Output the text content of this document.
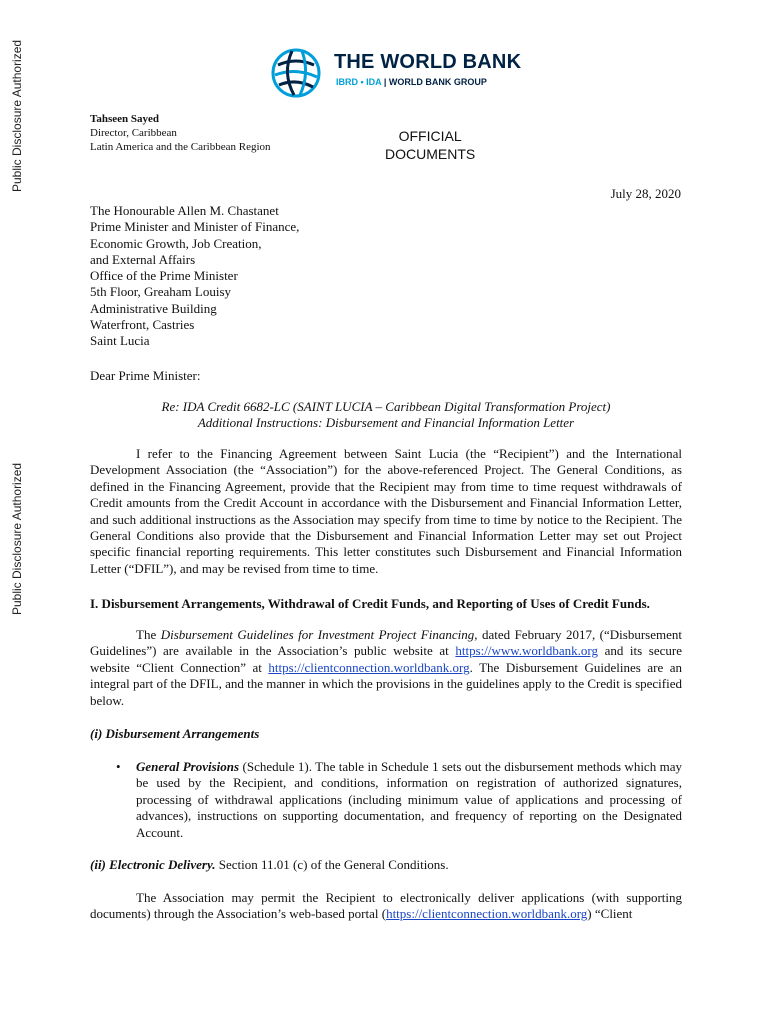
Public Disclosure Authorized
Public Disclosure Authorized
THE WORLD BANK
IBRD • IDA | WORLD BANK GROUP
Tahseen Sayed
Director, Caribbean
Latin America and the Caribbean Region
OFFICIAL
DOCUMENTS
July 28, 2020
The Honourable Allen M. Chastanet
Prime Minister and Minister of Finance,
Economic Growth, Job Creation,
and External Affairs
Office of the Prime Minister
5th Floor, Greaham Louisy
Administrative Building
Waterfront, Castries
Saint Lucia
Dear Prime Minister:
Re: IDA Credit 6682-LC (SAINT LUCIA – Caribbean Digital Transformation Project)
Additional Instructions: Disbursement and Financial Information Letter

I refer to the Financing Agreement between Saint Lucia (the “Recipient”) and the International Development Association (the “Association”) for the above-referenced Project. The General Conditions, as defined in the Financing Agreement, provide that the Recipient may from time to time request withdrawals of Credit amounts from the Credit Account in accordance with the Disbursement and Financial Information Letter, and such additional instructions as the Association may specify from time to time by notice to the Recipient. The General Conditions also provide that the Disbursement and Financial Information Letter may set out Project specific financial reporting requirements. This letter constitutes such Disbursement and Financial Information Letter (“DFIL”), and may be revised from time to time.

I. Disbursement Arrangements, Withdrawal of Credit Funds, and Reporting of Uses of Credit Funds.

The Disbursement Guidelines for Investment Project Financing, dated February 2017, (“Disbursement Guidelines”) are available in the Association’s public website at https://www.worldbank.org and its secure website “Client Connection” at https://clientconnection.worldbank.org. The Disbursement Guidelines are an integral part of the DFIL, and the manner in which the provisions in the guidelines apply to the Credit is specified below.

(i) Disbursement Arrangements
• General Provisions (Schedule 1). The table in Schedule 1 sets out the disbursement methods which may be used by the Recipient, and conditions, information on registration of authorized signatures, processing of withdrawal applications (including minimum value of applications and processing of advances), instructions on supporting documentation, and frequency of reporting on the Designated Account.

(ii) Electronic Delivery. Section 11.01 (c) of the General Conditions.

The Association may permit the Recipient to electronically deliver applications (with supporting documents) through the Association’s web-based portal (https://clientconnection.worldbank.org) “Client
